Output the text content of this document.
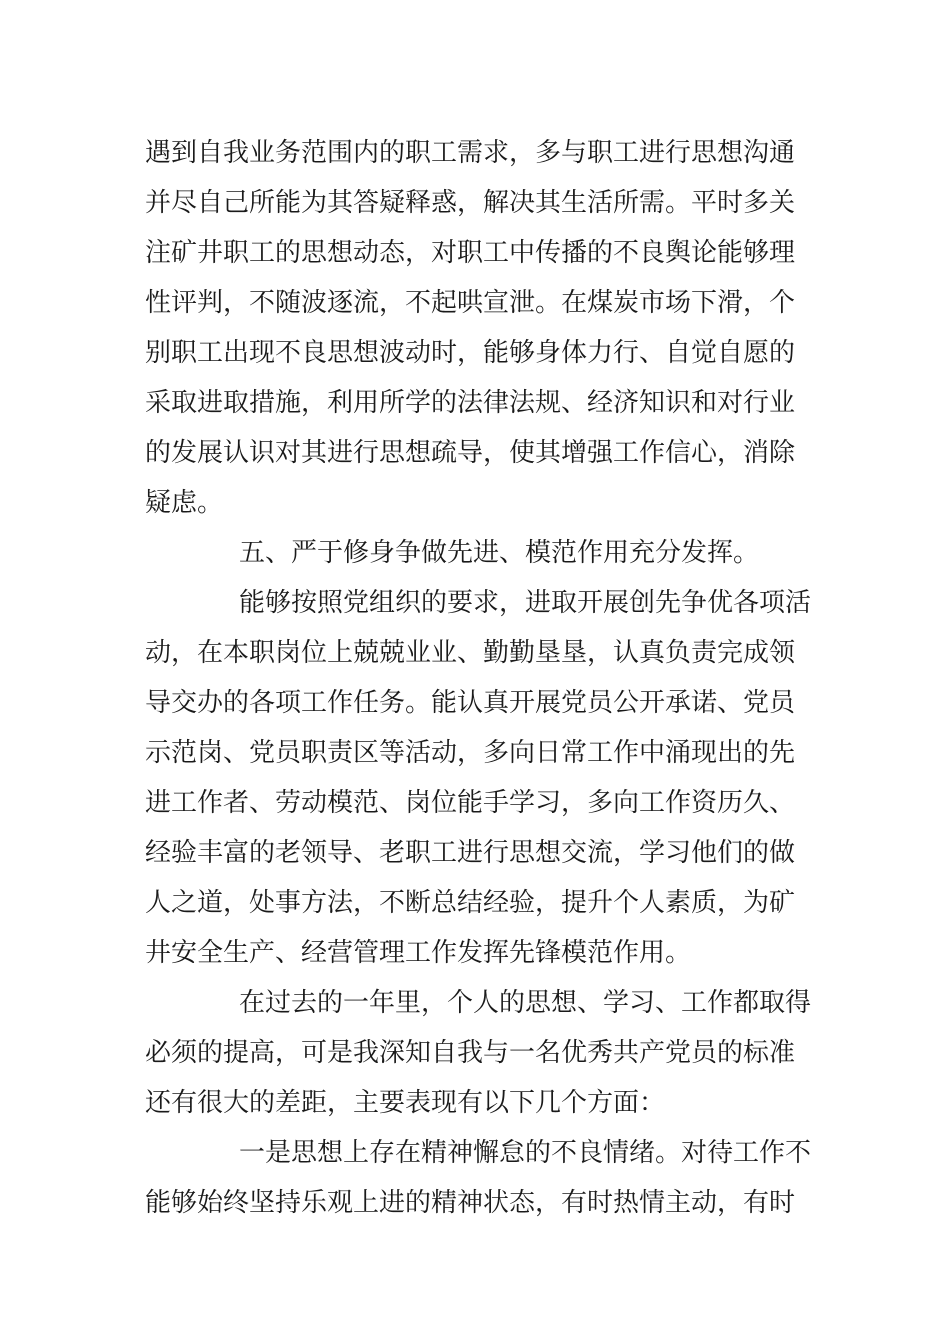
遇到自我业务范围内的职工需求，多与职工进行思想沟通
并尽自己所能为其答疑释惑，解决其生活所需。平时多关
注矿井职工的思想动态，对职工中传播的不良舆论能够理
性评判，不随波逐流，不起哄宣泄。在煤炭市场下滑，个
别职工出现不良思想波动时，能够身体力行、自觉自愿的
采取进取措施，利用所学的法律法规、经济知识和对行业
的发展认识对其进行思想疏导，使其增强工作信心，消除
疑虑。
五、严于修身争做先进、模范作用充分发挥。
能够按照党组织的要求，进取开展创先争优各项活
动，在本职岗位上兢兢业业、勤勤垦垦，认真负责完成领
导交办的各项工作任务。能认真开展党员公开承诺、党员
示范岗、党员职责区等活动，多向日常工作中涌现出的先
进工作者、劳动模范、岗位能手学习，多向工作资历久、
经验丰富的老领导、老职工进行思想交流，学习他们的做
人之道，处事方法，不断总结经验，提升个人素质，为矿
井安全生产、经营管理工作发挥先锋模范作用。
在过去的一年里，个人的思想、学习、工作都取得
必须的提高，可是我深知自我与一名优秀共产党员的标准
还有很大的差距，主要表现有以下几个方面：
一是思想上存在精神懈怠的不良情绪。对待工作不
能够始终坚持乐观上进的精神状态，有时热情主动，有时
